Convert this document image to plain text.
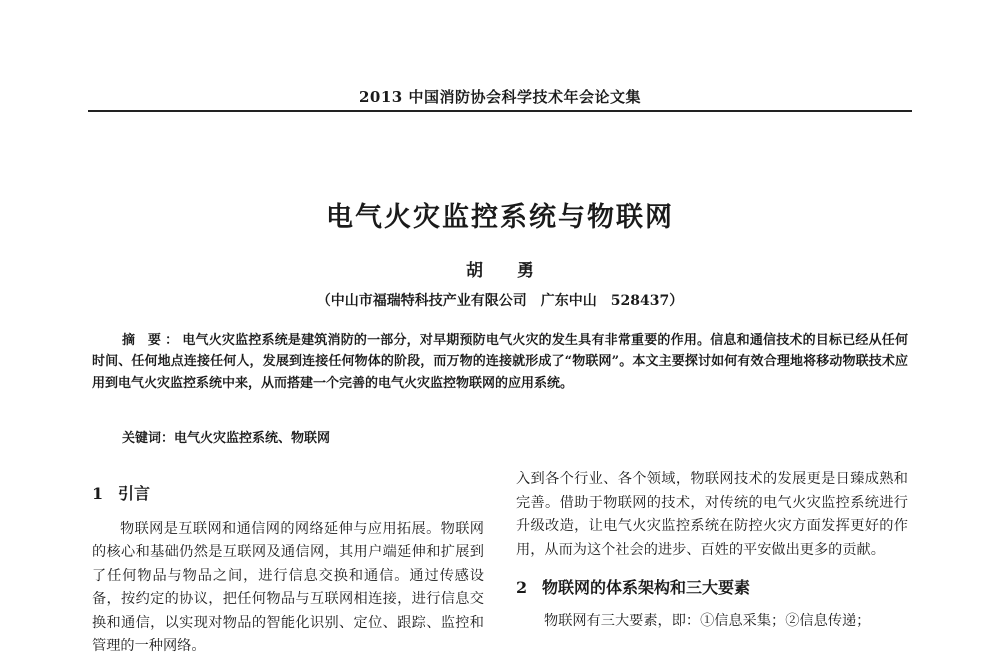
2013 中国消防协会科学技术年会论文集
电气火灾监控系统与物联网
胡 勇
（中山市福瑞特科技产业有限公司　广东中山　528437）
摘 要：电气火灾监控系统是建筑消防的一部分，对早期预防电气火灾的发生具有非常重要的作用。信息和通信技术的目标已经从任何时间、任何地点连接任何人，发展到连接任何物体的阶段，而万物的连接就形成了“物联网”。本文主要探讨如何有效合理地将移动物联技术应用到电气火灾监控系统中来，从而搭建一个完善的电气火灾监控物联网的应用系统。
关键词：电气火灾监控系统、物联网
1 引言

物联网是互联网和通信网的网络延伸与应用拓展。物联网的核心和基础仍然是互联网及通信网，其用户端延伸和扩展到了任何物品与物品之间，进行信息交换和通信。通过传感设备，按约定的协议，把任何物品与互联网相连接，进行信息交换和通信，以实现对物品的智能化识别、定位、跟踪、监控和管理的一种网络。

入到各个行业、各个领域，物联网技术的发展更是日臻成熟和完善。借助于物联网的技术，对传统的电气火灾监控系统进行升级改造，让电气火灾监控系统在防控火灾方面发挥更好的作用，从而为这个社会的进步、百姓的平安做出更多的贡献。

2 物联网的体系架构和三大要素

物联网有三大要素，即：①信息采集；②信息传递；
